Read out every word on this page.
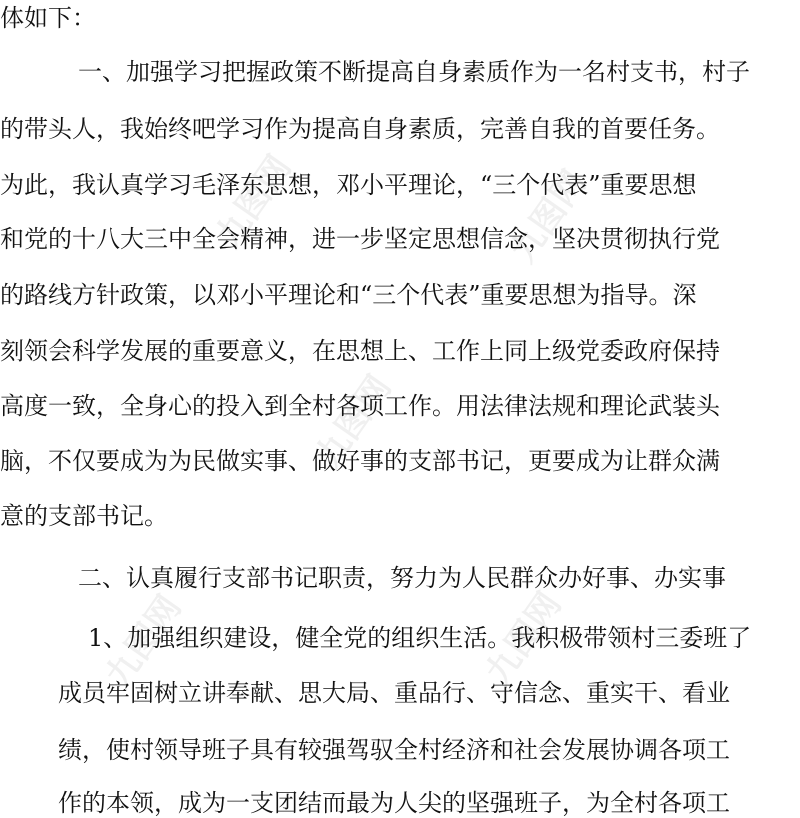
九图网	九图网
九图网
九图网	九图网
体如下：
一、加强学习把握政策不断提高自身素质作为一名村支书，村子
的带头人，我始终吧学习作为提高自身素质，完善自我的首要任务。
为此，我认真学习毛泽东思想，邓小平理论，“三个代表”重要思想
和党的十八大三中全会精神，进一步坚定思想信念，坚决贯彻执行党
的路线方针政策，以邓小平理论和“三个代表”重要思想为指导。深
刻领会科学发展的重要意义，在思想上、工作上同上级党委政府保持
高度一致，全身心的投入到全村各项工作。用法律法规和理论武装头
脑，不仅要成为为民做实事、做好事的支部书记，更要成为让群众满
意的支部书记。
二、认真履行支部书记职责，努力为人民群众办好事、办实事
1、加强组织建设，健全党的组织生活。我积极带领村三委班了
成员牢固树立讲奉献、思大局、重品行、守信念、重实干、看业
绩，使村领导班子具有较强驾驭全村经济和社会发展协调各项工
作的本领，成为一支团结而最为人尖的坚强班子，为全村各项工
